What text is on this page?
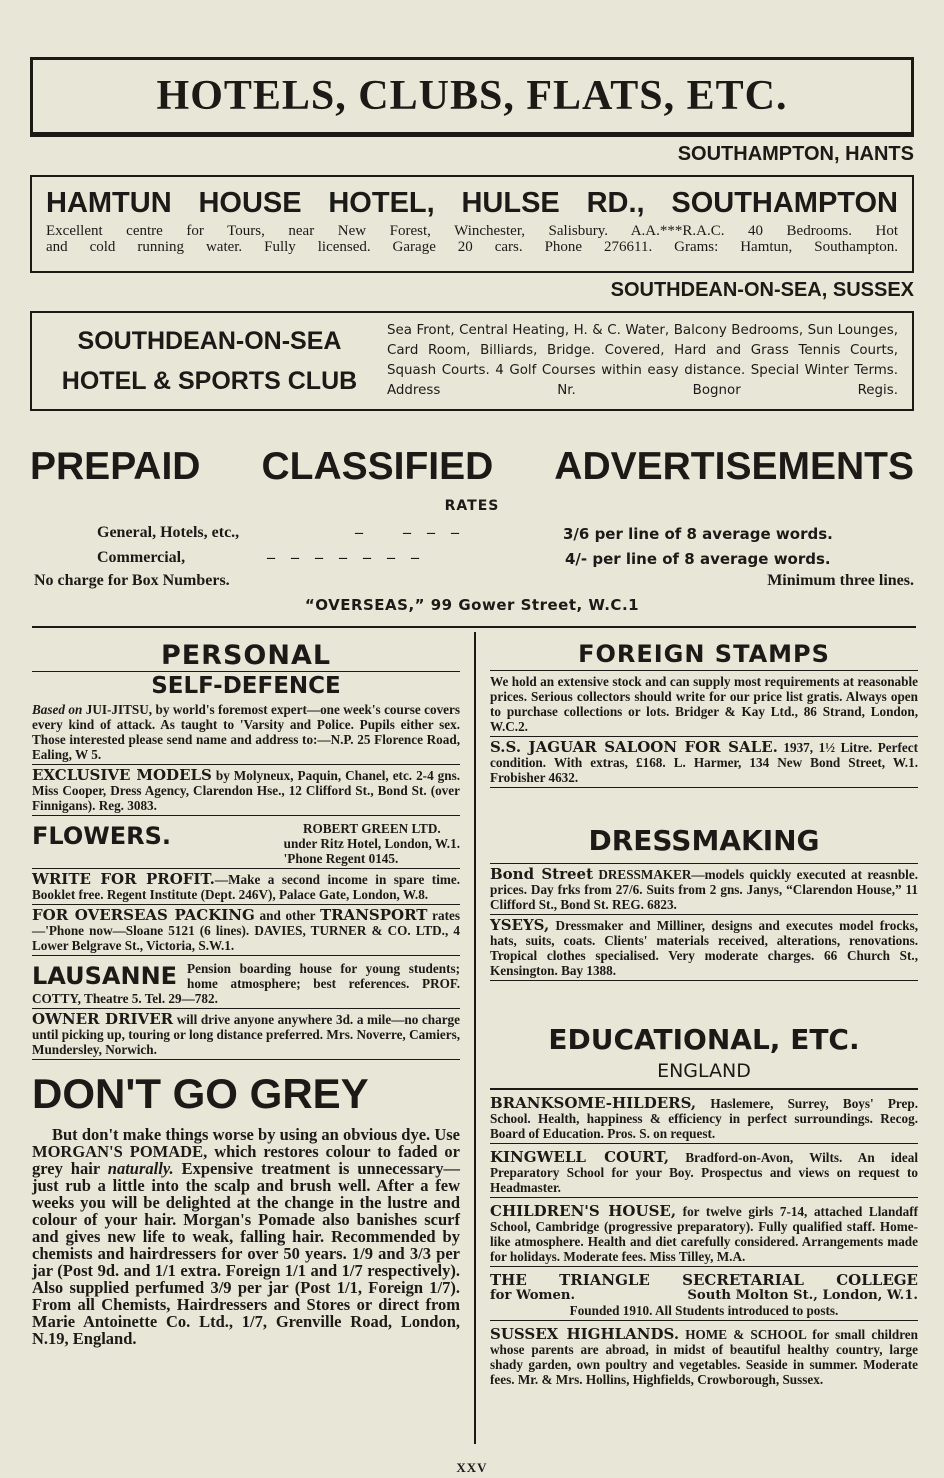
HOTELS, CLUBS, FLATS, ETC.
SOUTHAMPTON, HANTS
HAMTUN HOUSE HOTEL, HULSE RD., SOUTHAMPTON

Excellent centre for Tours, near New Forest, Winchester, Salisbury. A.A.***R.A.C. 40 Bedrooms. Hot

and cold running water. Fully licensed. Garage 20 cars. Phone 276611. Grams: Hamtun, Southampton.

SOUTHDEAN-ON-SEA, SUSSEX
SOUTHDEAN-ON-SEA
HOTEL & SPORTS CLUB
Sea Front, Central Heating, H. & C. Water, Balcony Bedrooms, Sun Lounges, Card Room, Billiards, Bridge. Covered, Hard and Grass Tennis Courts, Squash Courts. 4 Golf Courses within easy distance. Special Winter Terms. Address Nr. Bognor Regis.
PREPAID CLASSIFIED ADVERTISEMENTS
RATES
General, Hotels, etc.,	–          –    –    –	3/6 per line of 8 average words.
Commercial,	–    –    –    –    –    –    –	4/- per line of 8 average words.
No charge for Box Numbers.	Minimum three lines.
“OVERSEAS,” 99 Gower Street, W.C.1
PERSONAL
SELF-DEFENCE
Based on JUI-JITSU, by world's foremost expert—one week's course covers every kind of attack. As taught to 'Varsity and Police. Pupils either sex. Those interested please send name and address to:—N.P. 25 Florence Road, Ealing, W 5.
EXCLUSIVE MODELS by Molyneux, Paquin, Chanel, etc. 2-4 gns. Miss Cooper, Dress Agency, Clarendon Hse., 12 Clifford St., Bond St. (over Finnigans). Reg. 3083.
FLOWERS.	ROBERT GREEN LTD.
under Ritz Hotel, London, W.1.
'Phone Regent 0145.
WRITE FOR PROFIT.—Make a second income in spare time. Booklet free. Regent Institute (Dept. 246V), Palace Gate, London, W.8.
FOR OVERSEAS PACKING and other TRANSPORT rates—'Phone now—Sloane 5121 (6 lines). DAVIES, TURNER & CO. LTD., 4 Lower Belgrave St., Victoria, S.W.1.
LAUSANNE Pension boarding house for young students; home atmosphere; best references. PROF. COTTY, Theatre 5. Tel. 29—782.
OWNER DRIVER will drive anyone anywhere 3d. a mile—no charge until picking up, touring or long distance preferred. Mrs. Noverre, Camiers, Mundersley, Norwich.
DON'T GO GREY
But don't make things worse by using an obvious dye. Use MORGAN'S POMADE, which restores colour to faded or grey hair naturally. Expensive treatment is unnecessary—just rub a little into the scalp and brush well. After a few weeks you will be delighted at the change in the lustre and colour of your hair. Morgan's Pomade also banishes scurf and gives new life to weak, falling hair. Recommended by chemists and hairdressers for over 50 years. 1/9 and 3/3 per jar (Post 9d. and 1/1 extra. Foreign 1/1 and 1/7 respectively). Also supplied perfumed 3/9 per jar (Post 1/1, Foreign 1/7). From all Chemists, Hairdressers and Stores or direct from Marie Antoinette Co. Ltd., 1/7, Grenville Road, London, N.19, England.
FOREIGN STAMPS
We hold an extensive stock and can supply most requirements at reasonable prices. Serious collectors should write for our price list gratis. Always open to purchase collections or lots. Bridger & Kay Ltd., 86 Strand, London, W.C.2.
S.S. JAGUAR SALOON FOR SALE. 1937, 1½ Litre. Perfect condition. With extras, £168. L. Harmer, 134 New Bond Street, W.1. Frobisher 4632.
DRESSMAKING
Bond Street DRESSMAKER—models quickly executed at reasnble. prices. Day frks from 27/6. Suits from 2 gns. Janys, “Clarendon House,” 11 Clifford St., Bond St. REG. 6823.
YSEYS, Dressmaker and Milliner, designs and executes model frocks, hats, suits, coats. Clients' materials received, alterations, renovations. Tropical clothes specialised. Very moderate charges. 66 Church St., Kensington. Bay 1388.
EDUCATIONAL, ETC.
ENGLAND
BRANKSOME-HILDERS, Haslemere, Surrey, Boys' Prep. School. Health, happiness & efficiency in perfect surroundings. Recog. Board of Education. Pros. S. on request.
KINGWELL COURT, Bradford-on-Avon, Wilts. An ideal Preparatory School for your Boy. Prospectus and views on request to Headmaster.
CHILDREN'S HOUSE, for twelve girls 7-14, attached Llandaff School, Cambridge (progressive preparatory). Fully qualified staff. Home-like atmosphere. Health and diet carefully considered. Arrangements made for holidays. Moderate fees. Miss Tilley, M.A.
THE TRIANGLE SECRETARIAL COLLEGE
for Women.	South Molton St., London, W.1.
Founded 1910. All Students introduced to posts.
SUSSEX HIGHLANDS. HOME & SCHOOL for small children whose parents are abroad, in midst of beautiful healthy country, large shady garden, own poultry and vegetables. Seaside in summer. Moderate fees. Mr. & Mrs. Hollins, Highfields, Crowborough, Sussex.
XXV
